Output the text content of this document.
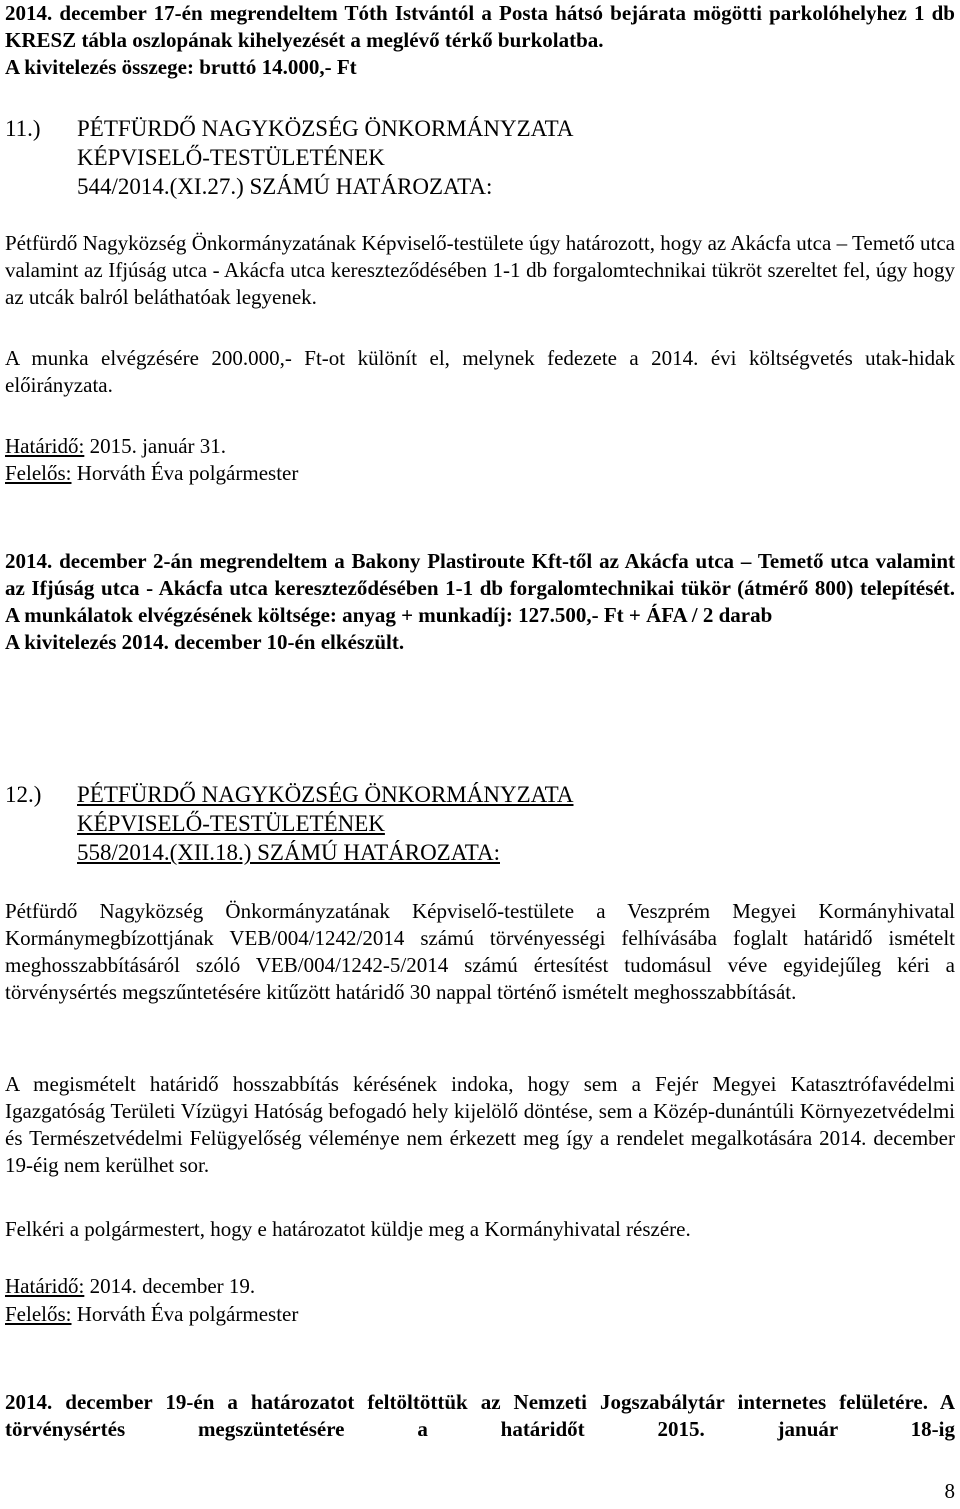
2014. december 17-én megrendeltem Tóth Istvántól a Posta hátsó bejárata mögötti parkolóhelyhez 1 db KRESZ tábla oszlopának kihelyezését a meglévő térkő burkolatba.
A kivitelezés összege: bruttó 14.000,- Ft

11.) PÉTFÜRDŐ NAGYKÖZSÉG ÖNKORMÁNYZATA
KÉPVISELŐ-TESTÜLETÉNEK
544/2014.(XI.27.) SZÁMÚ HATÁROZATA:

Pétfürdő Nagyközség Önkormányzatának Képviselő-testülete úgy határozott, hogy az Akácfa utca – Temető utca valamint az Ifjúság utca - Akácfa utca kereszteződésében 1-1 db forgalomtechnikai tükröt szereltet fel, úgy hogy az utcák balról beláthatóak legyenek.

A munka elvégzésére 200.000,- Ft-ot különít el, melynek fedezete a 2014. évi költségvetés utak-hidak előirányzata.

Határidő: 2015. január 31.
Felelős: Horváth Éva polgármester

2014. december 2-án megrendeltem a Bakony Plastiroute Kft-től az Akácfa utca – Temető utca valamint az Ifjúság utca - Akácfa utca kereszteződésében 1-1 db forgalomtechnikai tükör (átmérő 800) telepítését. A munkálatok elvégzésének költsége: anyag + munkadíj: 127.500,- Ft + ÁFA / 2 darab
A kivitelezés 2014. december 10-én elkészült.

12.) PÉTFÜRDŐ NAGYKÖZSÉG ÖNKORMÁNYZATA
KÉPVISELŐ-TESTÜLETÉNEK
558/2014.(XII.18.) SZÁMÚ HATÁROZATA:

Pétfürdő Nagyközség Önkormányzatának Képviselő-testülete a Veszprém Megyei Kormányhivatal Kormánymegbízottjának VEB/004/1242/2014 számú törvényességi felhívásába foglalt határidő ismételt meghosszabbításáról szóló VEB/004/1242-5/2014 számú értesítést tudomásul véve egyidejűleg kéri a törvénysértés megszűntetésére kitűzött határidő 30 nappal történő ismételt meghosszabbítását.

A megismételt határidő hosszabbítás kérésének indoka, hogy sem a Fejér Megyei Katasztrófavédelmi Igazgatóság Területi Vízügyi Hatóság befogadó hely kijelölő döntése, sem a Közép-dunántúli Környezetvédelmi és Természetvédelmi Felügyelőség véleménye nem érkezett meg így a rendelet megalkotására 2014. december 19-éig nem kerülhet sor.

Felkéri a polgármestert, hogy e határozatot küldje meg a Kormányhivatal részére.

Határidő: 2014. december 19.
Felelős: Horváth Éva polgármester

2014. december 19-én a határozatot feltöltöttük az Nemzeti Jogszabálytár internetes felületére. A törvénysértés megszüntetésére a határidőt 2015. január 18-ig

8
